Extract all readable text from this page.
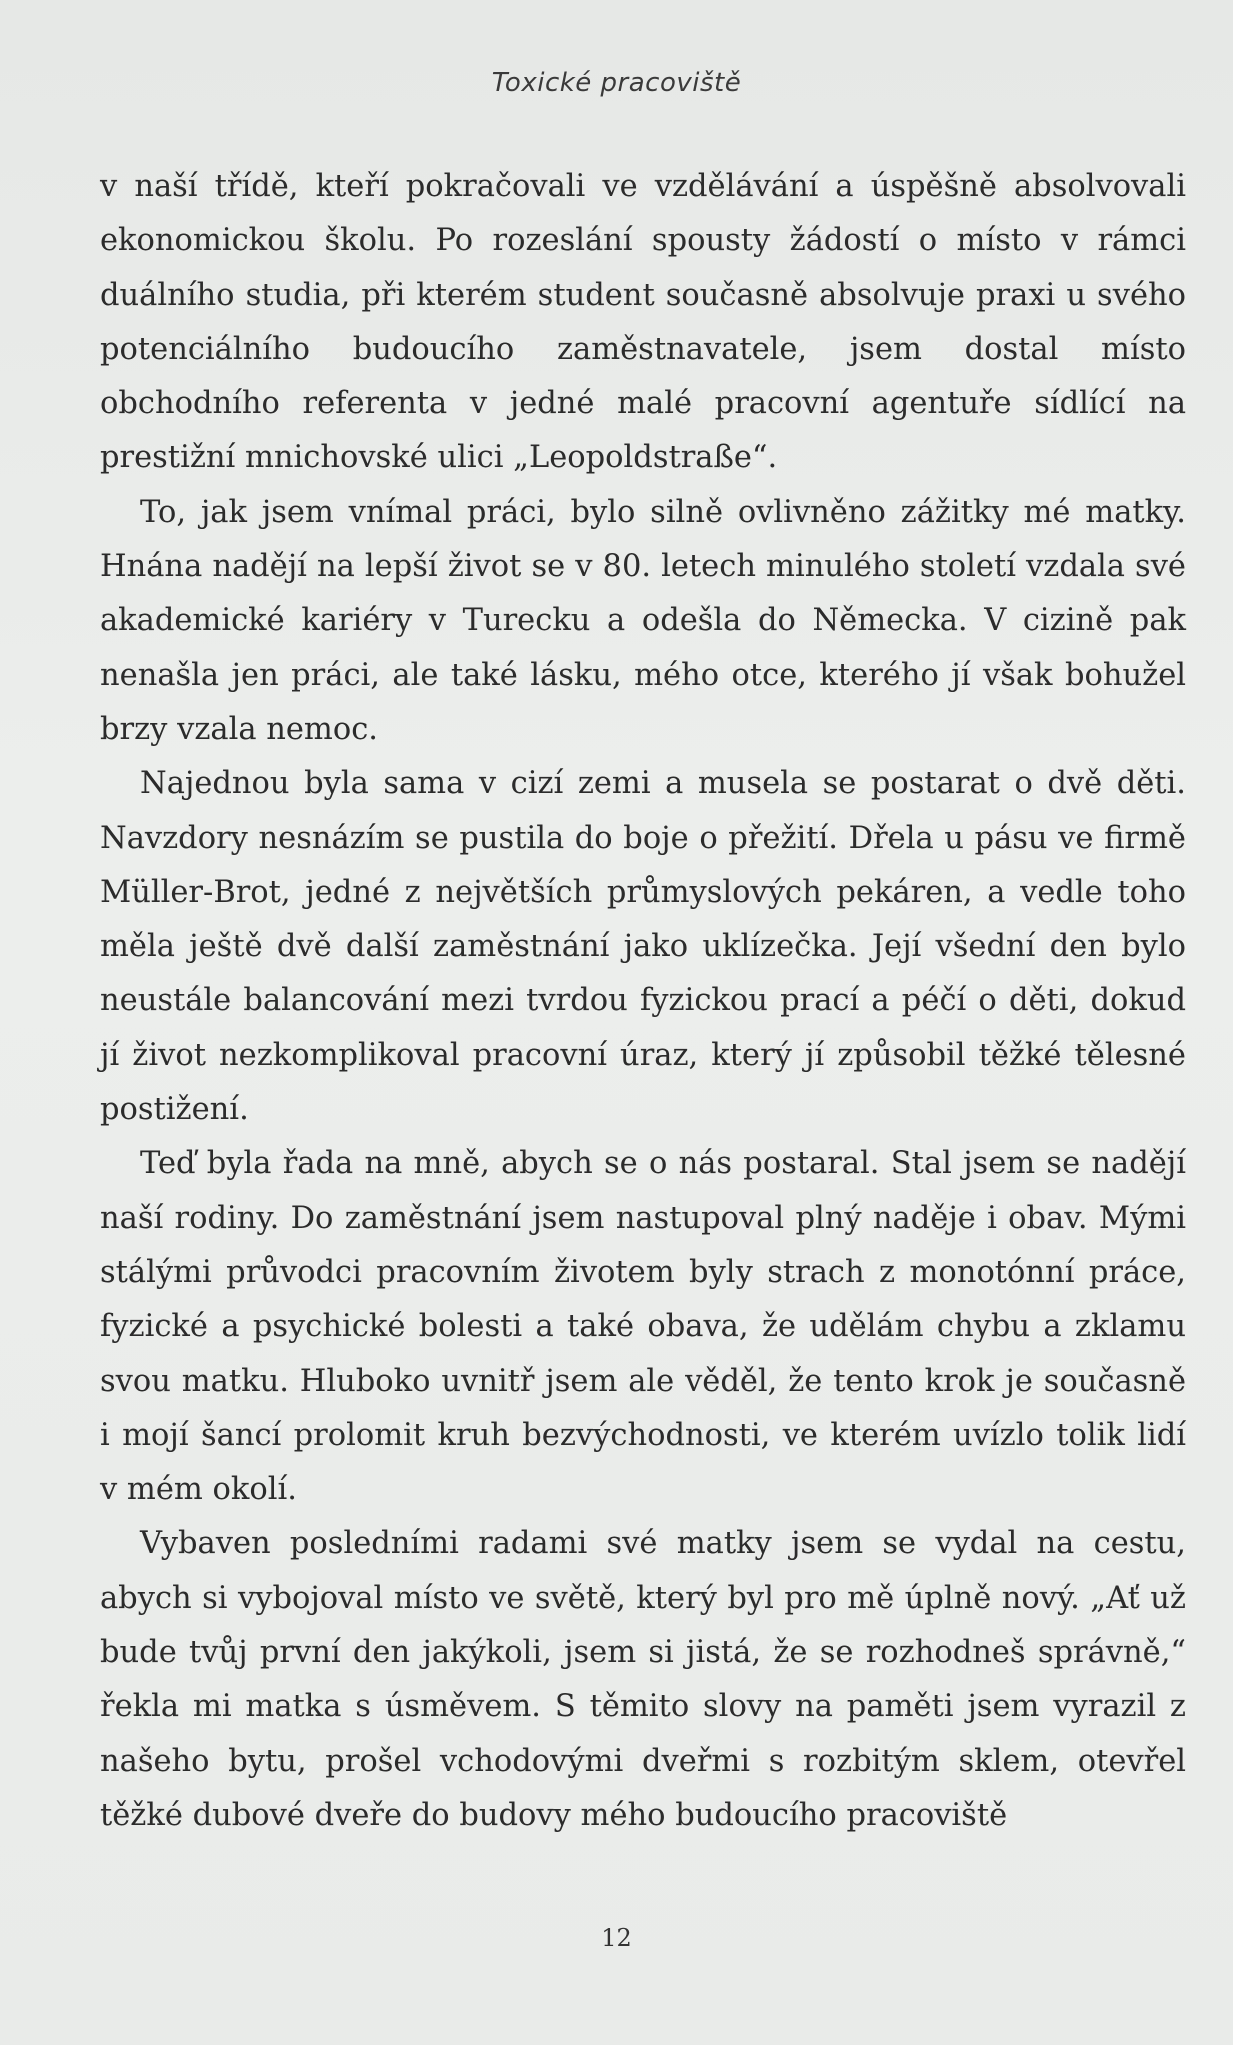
Toxické pracoviště

v naší třídě, kteří pokračovali ve vzdělávání a úspěšně absolvovali ekonomickou školu. Po rozeslání spousty žádostí o místo v rámci duálního studia, při kterém student současně absolvuje praxi u svého potenciálního budoucího zaměstnavatele, jsem dostal místo obchodního referenta v jedné malé pracovní agentuře sídlící na prestižní mnichovské ulici „Leopoldstraße“.

To, jak jsem vnímal práci, bylo silně ovlivněno zážitky mé matky. Hnána nadějí na lepší život se v 80. letech minulého století vzdala své akademické kariéry v Turecku a odešla do Německa. V cizině pak nenašla jen práci, ale také lásku, mého otce, kterého jí však bohužel brzy vzala nemoc.

Najednou byla sama v cizí zemi a musela se postarat o dvě děti. Navzdory nesnázím se pustila do boje o přežití. Dřela u pásu ve firmě Müller-Brot, jedné z největších průmyslových pekáren, a vedle toho měla ještě dvě další zaměstnání jako uklízečka. Její všední den bylo neustále balancování mezi tvrdou fyzickou prací a péčí o děti, dokud jí život nezkomplikoval pracovní úraz, který jí způsobil těžké tělesné postižení.

Teď byla řada na mně, abych se o nás postaral. Stal jsem se nadějí naší rodiny. Do zaměstnání jsem nastupoval plný naděje i obav. Mými stálými průvodci pracovním životem byly strach z monotónní práce, fyzické a psychické bolesti a také obava, že udělám chybu a zklamu svou matku. Hluboko uvnitř jsem ale věděl, že tento krok je současně i mojí šancí prolomit kruh bezvýchodnosti, ve kterém uvízlo tolik lidí v mém okolí.

Vybaven posledními radami své matky jsem se vydal na cestu, abych si vybojoval místo ve světě, který byl pro mě úplně nový. „Ať už bude tvůj první den jakýkoli, jsem si jistá, že se rozhodneš správně,“ řekla mi matka s úsměvem. S těmito slovy na paměti jsem vyrazil z našeho bytu, prošel vchodovými dveřmi s rozbitým sklem, otevřel těžké dubové dveře do budovy mého budoucího pracoviště

12
